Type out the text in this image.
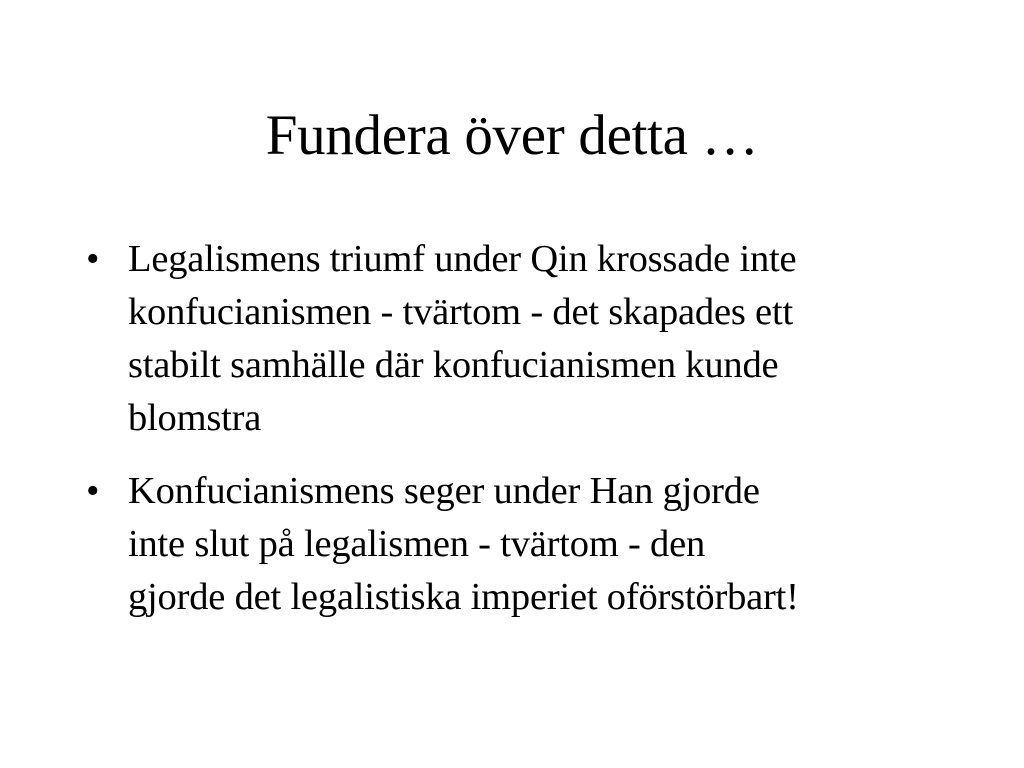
Fundera över detta …
• Legalismens triumf under Qin krossade inte
konfucianismen - tvärtom - det skapades ett
stabilt samhälle där konfucianismen kunde
blomstra
• Konfucianismens seger under Han gjorde
inte slut på legalismen - tvärtom - den
gjorde det legalistiska imperiet oförstörbart!
